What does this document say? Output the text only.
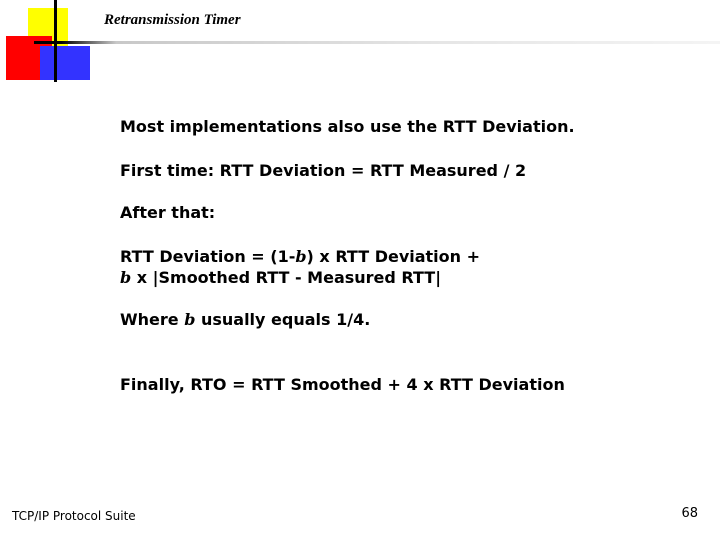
Retransmission Timer
Most implementations also use the RTT Deviation.
First time: RTT Deviation = RTT Measured / 2
After that:
RTT Deviation = (1-b) x RTT Deviation +
b x |Smoothed RTT - Measured RTT|
Where b usually equals 1/4.
Finally, RTO = RTT Smoothed + 4 x RTT Deviation
TCP/IP Protocol Suite	68
